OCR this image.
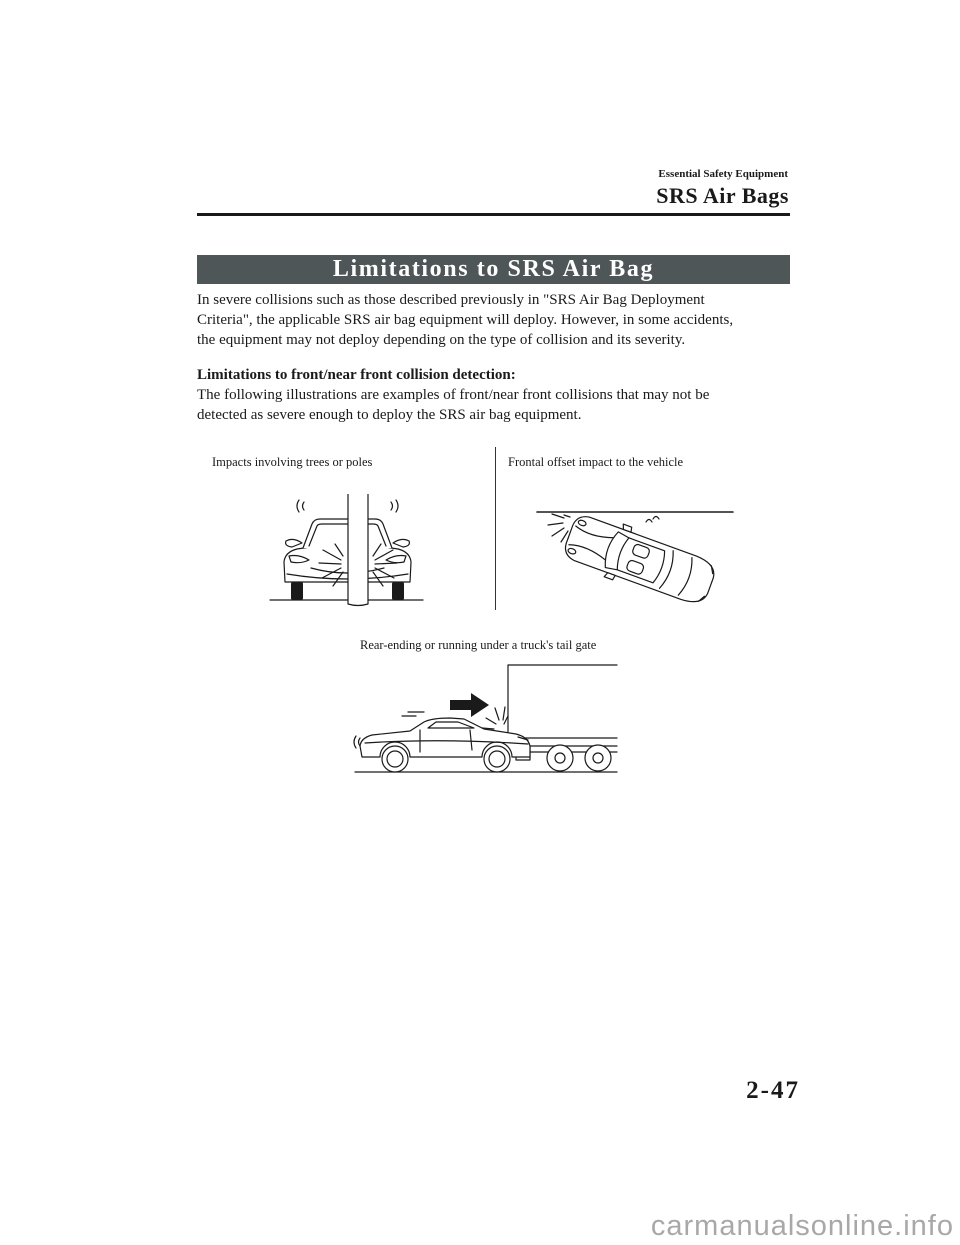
Essential Safety Equipment
SRS Air Bags
Limitations to SRS Air Bag
In severe collisions such as those described previously in "SRS Air Bag Deployment
Criteria", the applicable SRS air bag equipment will deploy. However, in some accidents,
the equipment may not deploy depending on the type of collision and its severity.
Limitations to front/near front collision detection:
The following illustrations are examples of front/near front collisions that may not be
detected as severe enough to deploy the SRS air bag equipment.
Impacts involving trees or poles	Frontal offset impact to the vehicle
Rear-ending or running under a truck's tail gate
2-47
carmanualsonline.info
